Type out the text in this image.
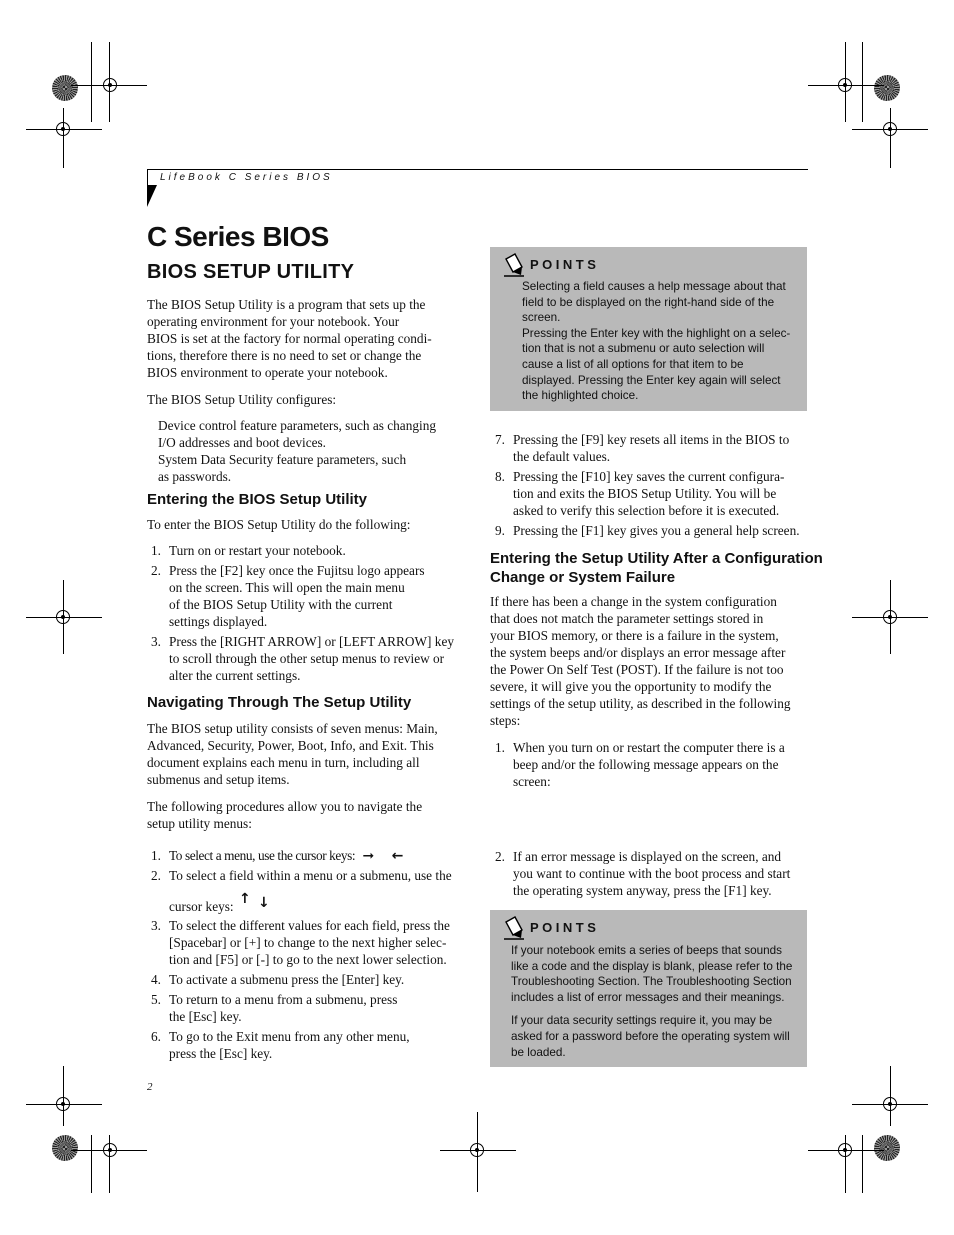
LifeBook C Series BIOS
C Series BIOS
BIOS SETUP UTILITY
The BIOS Setup Utility is a program that sets up the
operating environment for your notebook. Your
BIOS is set at the factory for normal operating condi-
tions, therefore there is no need to set or change the
BIOS environment to operate your notebook.
The BIOS Setup Utility configures:
Device control feature parameters, such as changing
I/O addresses and boot devices.
System Data Security feature parameters, such
as passwords.
Entering the BIOS Setup Utility
To enter the BIOS Setup Utility do the following:
1. Turn on or restart your notebook.
2. Press the [F2] key once the Fujitsu logo appears
on the screen. This will open the main menu
of the BIOS Setup Utility with the current
settings displayed.
3. Press the [RIGHT ARROW] or [LEFT ARROW] key
to scroll through the other setup menus to review or
alter the current settings.
Navigating Through The Setup Utility
The BIOS setup utility consists of seven menus: Main,
Advanced, Security, Power, Boot, Info, and Exit. This
document explains each menu in turn, including all
submenus and setup items.
The following procedures allow you to navigate the
setup utility menus:
1. To select a menu, use the cursor keys: ➞ ←
2. To select a field within a menu or a submenu, use the
cursor keys: ↑ ↓
3. To select the different values for each field, press the
[Spacebar] or [+] to change to the next higher selec-
tion and [F5] or [-] to go to the next lower selection.
4. To activate a submenu press the [Enter] key.
5. To return to a menu from a submenu, press
the [Esc] key.
6. To go to the Exit menu from any other menu,
press the [Esc] key.
2
POINTS
Selecting a field causes a help message about that
field to be displayed on the right-hand side of the
screen.
Pressing the Enter key with the highlight on a selec-
tion that is not a submenu or auto selection will
cause a list of all options for that item to be
displayed. Pressing the Enter key again will select
the highlighted choice.
7. Pressing the [F9] key resets all items in the BIOS to
the default values.
8. Pressing the [F10] key saves the current configura-
tion and exits the BIOS Setup Utility. You will be
asked to verify this selection before it is executed.
9. Pressing the [F1] key gives you a general help screen.
Entering the Setup Utility After a Configuration
Change or System Failure
If there has been a change in the system configuration
that does not match the parameter settings stored in
your BIOS memory, or there is a failure in the system,
the system beeps and/or displays an error message after
the Power On Self Test (POST). If the failure is not too
severe, it will give you the opportunity to modify the
settings of the setup utility, as described in the following
steps:
1. When you turn on or restart the computer there is a
beep and/or the following message appears on the
screen:
2. If an error message is displayed on the screen, and
you want to continue with the boot process and start
the operating system anyway, press the [F1] key.
POINTS
If your notebook emits a series of beeps that sounds
like a code and the display is blank, please refer to the
Troubleshooting Section. The Troubleshooting Section
includes a list of error messages and their meanings.
If your data security settings require it, you may be
asked for a password before the operating system will
be loaded.
